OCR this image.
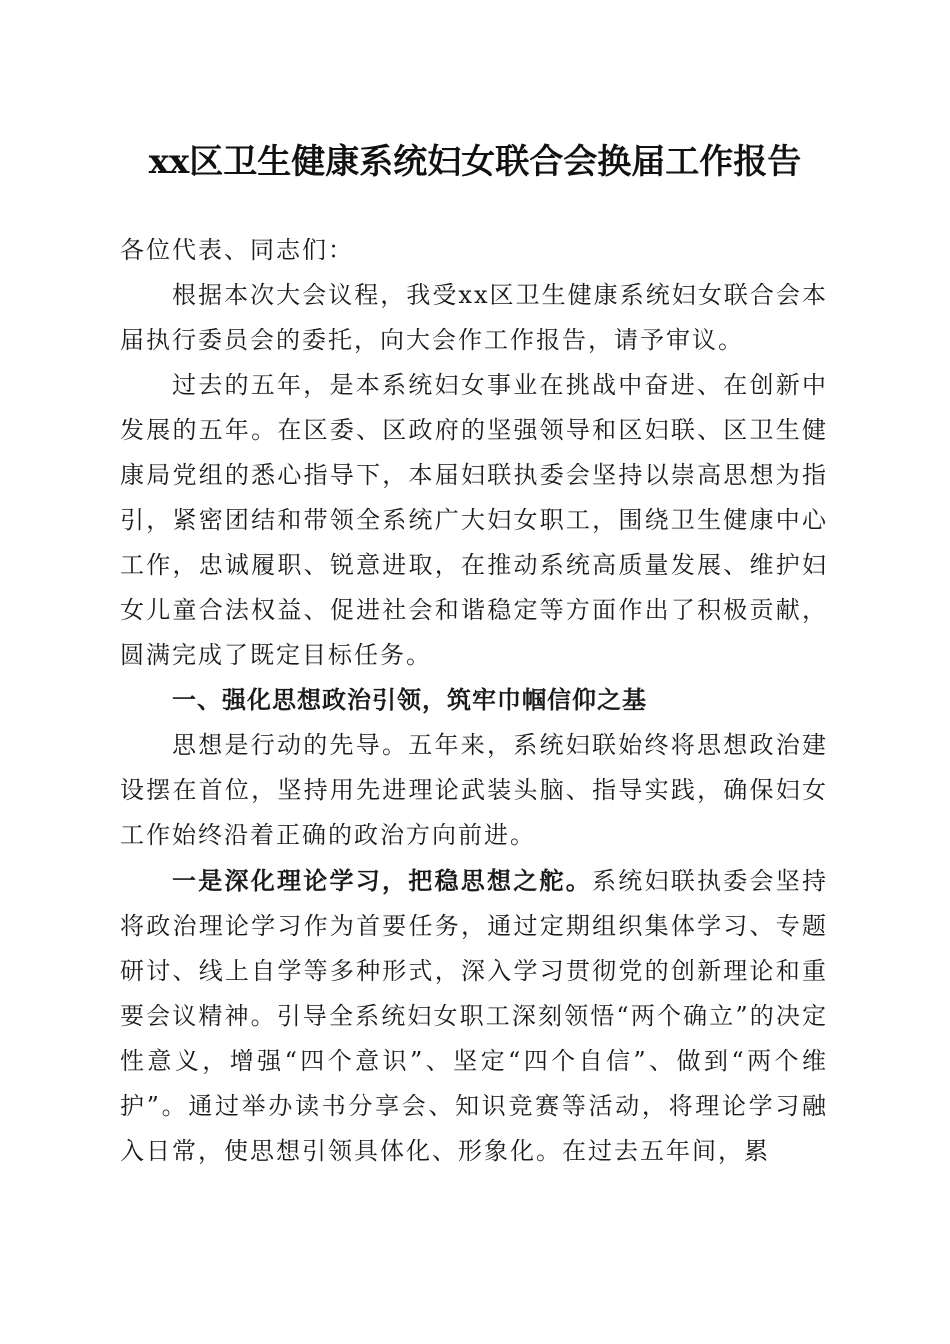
xx区卫生健康系统妇女联合会换届工作报告

各位代表、同志们：

根据本次大会议程，我受xx区卫生健康系统妇女联合会本届执行委员会的委托，向大会作工作报告，请予审议。

过去的五年，是本系统妇女事业在挑战中奋进、在创新中发展的五年。在区委、区政府的坚强领导和区妇联、区卫生健康局党组的悉心指导下，本届妇联执委会坚持以崇高思想为指引，紧密团结和带领全系统广大妇女职工，围绕卫生健康中心工作，忠诚履职、锐意进取，在推动系统高质量发展、维护妇女儿童合法权益、促进社会和谐稳定等方面作出了积极贡献，圆满完成了既定目标任务。

一、强化思想政治引领，筑牢巾帼信仰之基

思想是行动的先导。五年来，系统妇联始终将思想政治建设摆在首位，坚持用先进理论武装头脑、指导实践，确保妇女工作始终沿着正确的政治方向前进。

一是深化理论学习，把稳思想之舵。系统妇联执委会坚持将政治理论学习作为首要任务，通过定期组织集体学习、专题研讨、线上自学等多种形式，深入学习贯彻党的创新理论和重要会议精神。引导全系统妇女职工深刻领悟“两个确立”的决定性意义，增强“四个意识”、坚定“四个自信”、做到“两个维护”。通过举办读书分享会、知识竞赛等活动，将理论学习融入日常，使思想引领具体化、形象化。在过去五年间，累
